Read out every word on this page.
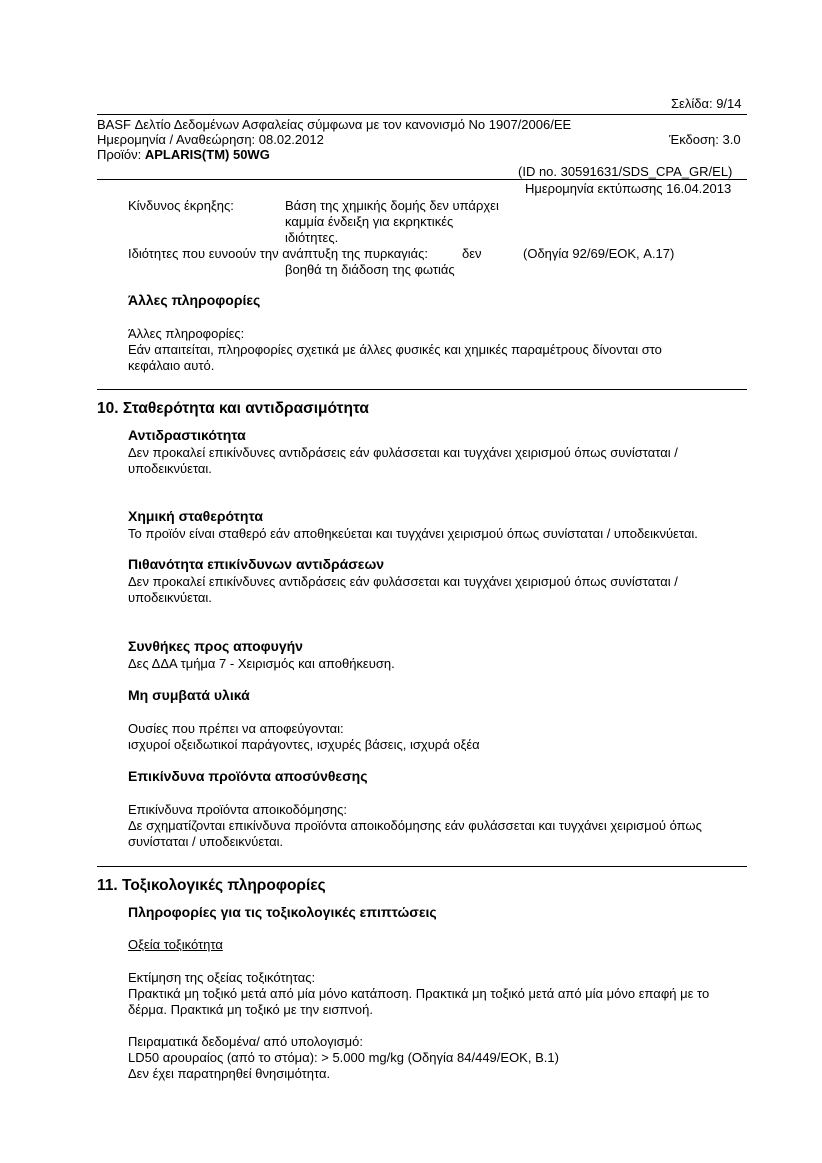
Σελίδα: 9/14
BASF Δελτίο Δεδομένων Ασφαλείας σύμφωνα με τον κανονισμό Νο 1907/2006/ΕΕ
Ημερομηνία / Αναθεώρηση: 08.02.2012	Έκδοση: 3.0
Προϊόν: APLARIS(TM) 50WG
(ID no. 30591631/SDS_CPA_GR/EL)
Ημερομηνία εκτύπωσης 16.04.2013
Κίνδυνος έκρηξης:	Βάση της χημικής δομής δεν υπάρχει
καμμία ένδειξη για εκρηκτικές
ιδιότητες.
Ιδιότητες που ευνοούν την ανάπτυξη της πυρκαγιάς:	δεν	(Οδηγία 92/69/ΕΟΚ, A.17)
βοηθά τη διάδοση της φωτιάς
Άλλες πληροφορίες
Άλλες πληροφορίες:
Εάν απαιτείται, πληροφορίες σχετικά με άλλες φυσικές και χημικές παραμέτρους δίνονται στο
κεφάλαιο αυτό.
10. Σταθερότητα και αντιδρασιμότητα
Αντιδραστικότητα
Δεν προκαλεί επικίνδυνες αντιδράσεις εάν φυλάσσεται και τυγχάνει χειρισμού όπως συνίσταται /
υποδεικνύεται.
Χημική σταθερότητα
Το προϊόν είναι σταθερό εάν αποθηκεύεται και τυγχάνει χειρισμού όπως συνίσταται / υποδεικνύεται.
Πιθανότητα επικίνδυνων αντιδράσεων
Δεν προκαλεί επικίνδυνες αντιδράσεις εάν φυλάσσεται και τυγχάνει χειρισμού όπως συνίσταται /
υποδεικνύεται.
Συνθήκες προς αποφυγήν
Δες ΔΔΑ τμήμα 7 - Χειρισμός και αποθήκευση.
Μη συμβατά υλικά
Ουσίες που πρέπει να αποφεύγονται:
ισχυροί οξειδωτικοί παράγοντες, ισχυρές βάσεις, ισχυρά οξέα
Επικίνδυνα προϊόντα αποσύνθεσης
Επικίνδυνα προϊόντα αποικοδόμησης:
Δε σχηματίζονται επικίνδυνα προϊόντα αποικοδόμησης εάν φυλάσσεται και τυγχάνει χειρισμού όπως
συνίσταται / υποδεικνύεται.
11. Τοξικολογικές πληροφορίες
Πληροφορίες για τις τοξικολογικές επιπτώσεις
Οξεία τοξικότητα
Εκτίμηση της οξείας τοξικότητας:
Πρακτικά μη τοξικό μετά από μία μόνο κατάποση. Πρακτικά μη τοξικό μετά από μία μόνο επαφή με το
δέρμα. Πρακτικά μη τοξικό με την εισπνοή.
Πειραματικά δεδομένα/ από υπολογισμό:
LD50 αρουραίος (από το στόμα): > 5.000 mg/kg (Οδηγία 84/449/ΕΟΚ, B.1)
Δεν έχει παρατηρηθεί θνησιμότητα.
